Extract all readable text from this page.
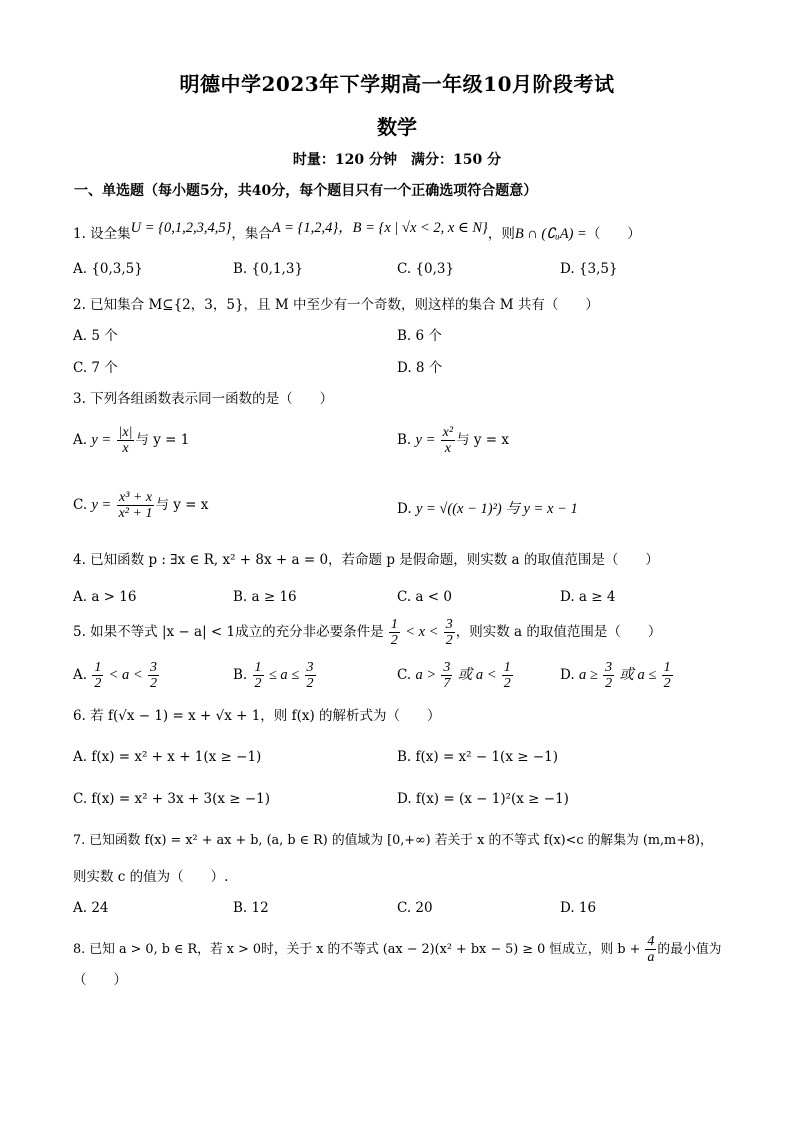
明德中学2023年下学期高一年级10月阶段考试
数学
时量：120 分钟　满分：150 分
一、单选题（每小题5分，共40分，每个题目只有一个正确选项符合题意）
1. 设全集U = {0,1,2,3,4,5}，集合A = {1,2,4}，B = {x | √x < 2, x ∈ N}，则B ∩ (∁ᵤA) =（　　）
A. {0,3,5}	B. {0,1,3}	C. {0,3}	D. {3,5}
2. 已知集合 M⊆{2，3，5}，且 M 中至少有一个奇数，则这样的集合 M 共有（　　）
A. 5 个	B. 6 个
C. 7 个	D. 8 个
3. 下列各组函数表示同一函数的是（　　）
A. $y = \frac{|x|}{x}$ 与 y = 1	B. $y = \frac{\text{x²}}{x}$ 与 y = x
C. $y = \frac{\text{x³ + x}}{\text{x² + 1}}$ 与 y = x	D. y = √((x − 1)²) 与 y = x − 1
4. 已知函数 p : ∃x ∈ R, x² + 8x + a = 0，若命题 p 是假命题，则实数 a 的取值范围是（　　）
A. a > 16	B. a ≥ 16	C. a < 0	D. a ≥ 4
5. 如果不等式 |x − a| < 1成立的充分非必要条件是 $\frac{1}{2} < x < \frac{3}{2}$ ，则实数 a 的取值范围是（　　）
A. $\frac{1}{2} < a < \frac{3}{2}$	B. $\frac{1}{2} \le a \le \frac{3}{2}$	C. $a > \frac{3}{7}$ 或 $a < \frac{1}{2}$	D. $a \ge \frac{3}{2}$ 或 $a \le \frac{1}{2}$
6. 若 f(√x − 1) = x + √x + 1，则 f(x) 的解析式为（　　）
A. f(x) = x² + x + 1(x ≥ −1)	B. f(x) = x² − 1(x ≥ −1)
C. f(x) = x² + 3x + 3(x ≥ −1)	D. f(x) = (x − 1)²(x ≥ −1)
7. 已知函数 f(x) = x² + ax + b, (a, b ∈ R) 的值域为 [0,+∞) 若关于 x 的不等式 f(x)<c 的解集为 (m,m+8)，
则实数 c 的值为（　　）.
A. 24	B. 12	C. 20	D. 16
8. 已知 a > 0, b ∈ R，若 x > 0时，关于 x 的不等式 (ax − 2)(x² + bx − 5) ≥ 0 恒成立，则 $b + \frac{4}{a}$ 的最小值为
（　　）
